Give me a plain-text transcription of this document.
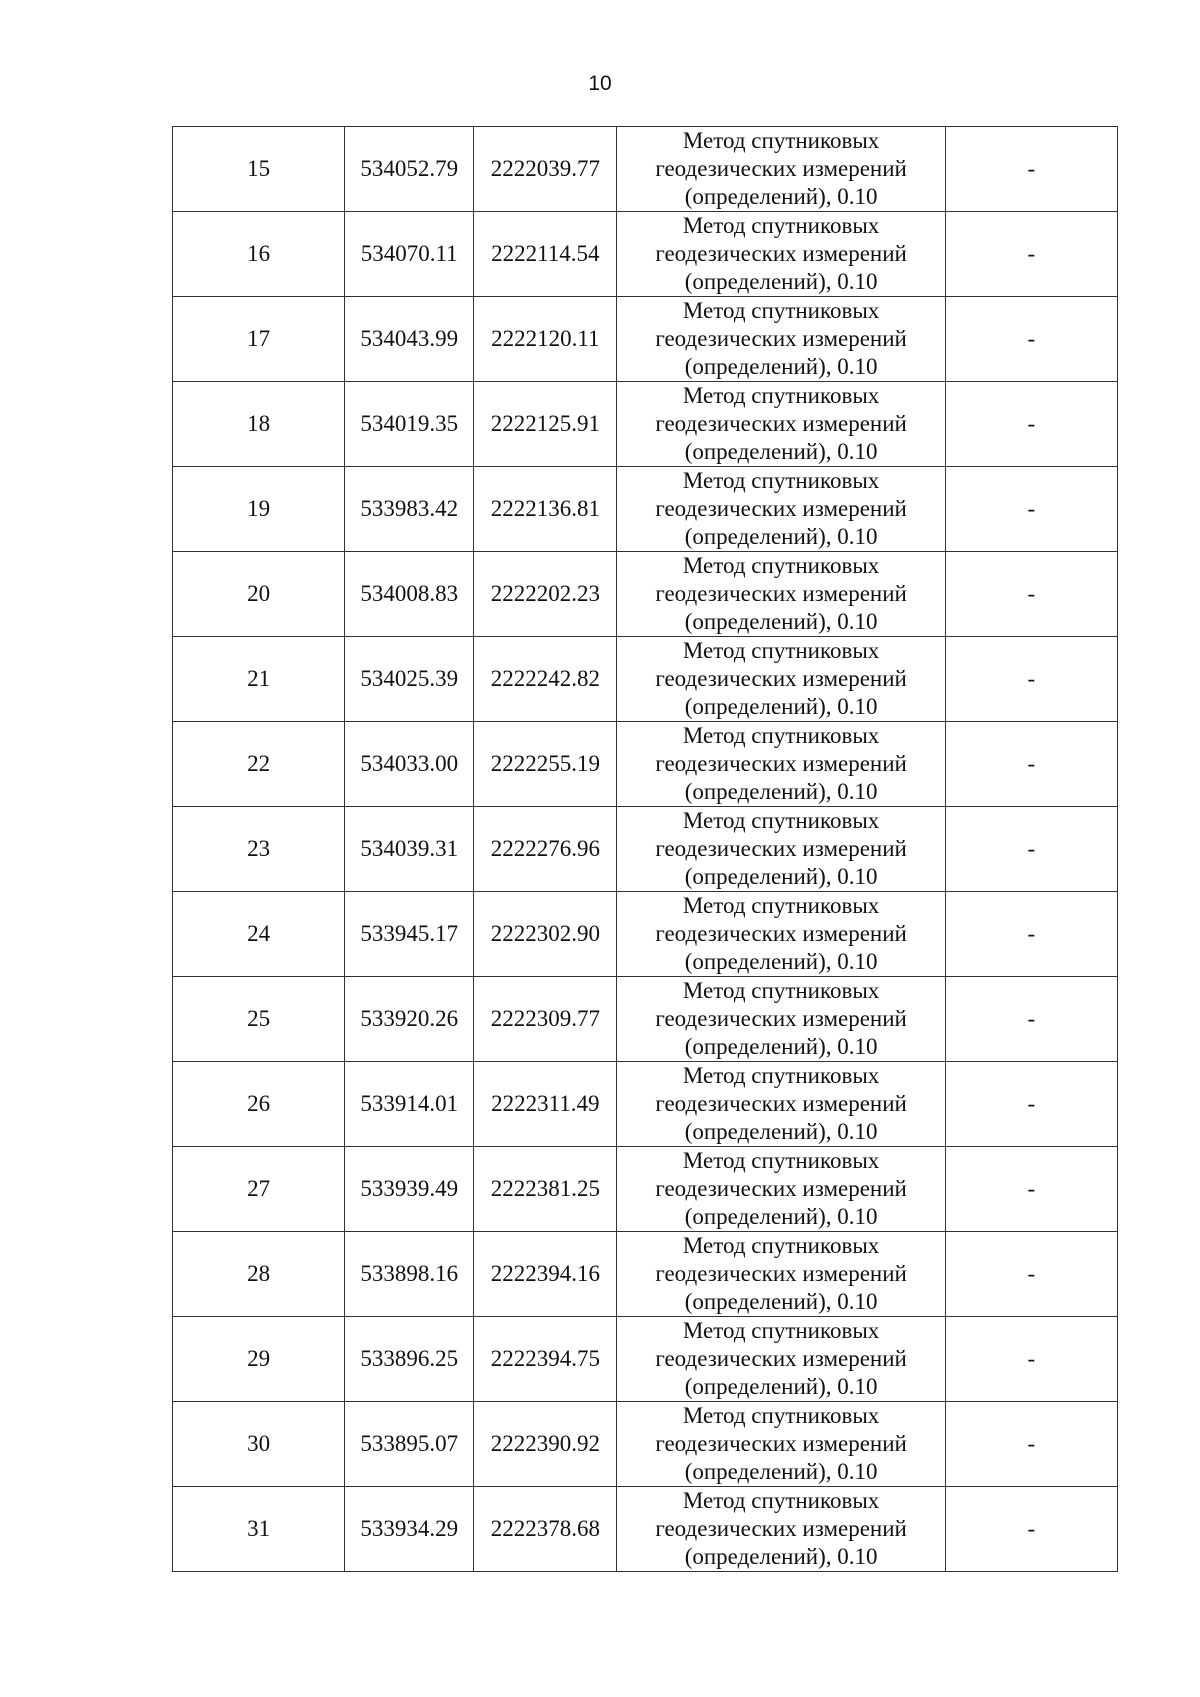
10
15	534052.79	2222039.77	Метод спутниковых
геодезических измерений
(определений), 0.10	-
16	534070.11	2222114.54	Метод спутниковых
геодезических измерений
(определений), 0.10	-
17	534043.99	2222120.11	Метод спутниковых
геодезических измерений
(определений), 0.10	-
18	534019.35	2222125.91	Метод спутниковых
геодезических измерений
(определений), 0.10	-
19	533983.42	2222136.81	Метод спутниковых
геодезических измерений
(определений), 0.10	-
20	534008.83	2222202.23	Метод спутниковых
геодезических измерений
(определений), 0.10	-
21	534025.39	2222242.82	Метод спутниковых
геодезических измерений
(определений), 0.10	-
22	534033.00	2222255.19	Метод спутниковых
геодезических измерений
(определений), 0.10	-
23	534039.31	2222276.96	Метод спутниковых
геодезических измерений
(определений), 0.10	-
24	533945.17	2222302.90	Метод спутниковых
геодезических измерений
(определений), 0.10	-
25	533920.26	2222309.77	Метод спутниковых
геодезических измерений
(определений), 0.10	-
26	533914.01	2222311.49	Метод спутниковых
геодезических измерений
(определений), 0.10	-
27	533939.49	2222381.25	Метод спутниковых
геодезических измерений
(определений), 0.10	-
28	533898.16	2222394.16	Метод спутниковых
геодезических измерений
(определений), 0.10	-
29	533896.25	2222394.75	Метод спутниковых
геодезических измерений
(определений), 0.10	-
30	533895.07	2222390.92	Метод спутниковых
геодезических измерений
(определений), 0.10	-
31	533934.29	2222378.68	Метод спутниковых
геодезических измерений
(определений), 0.10	-
